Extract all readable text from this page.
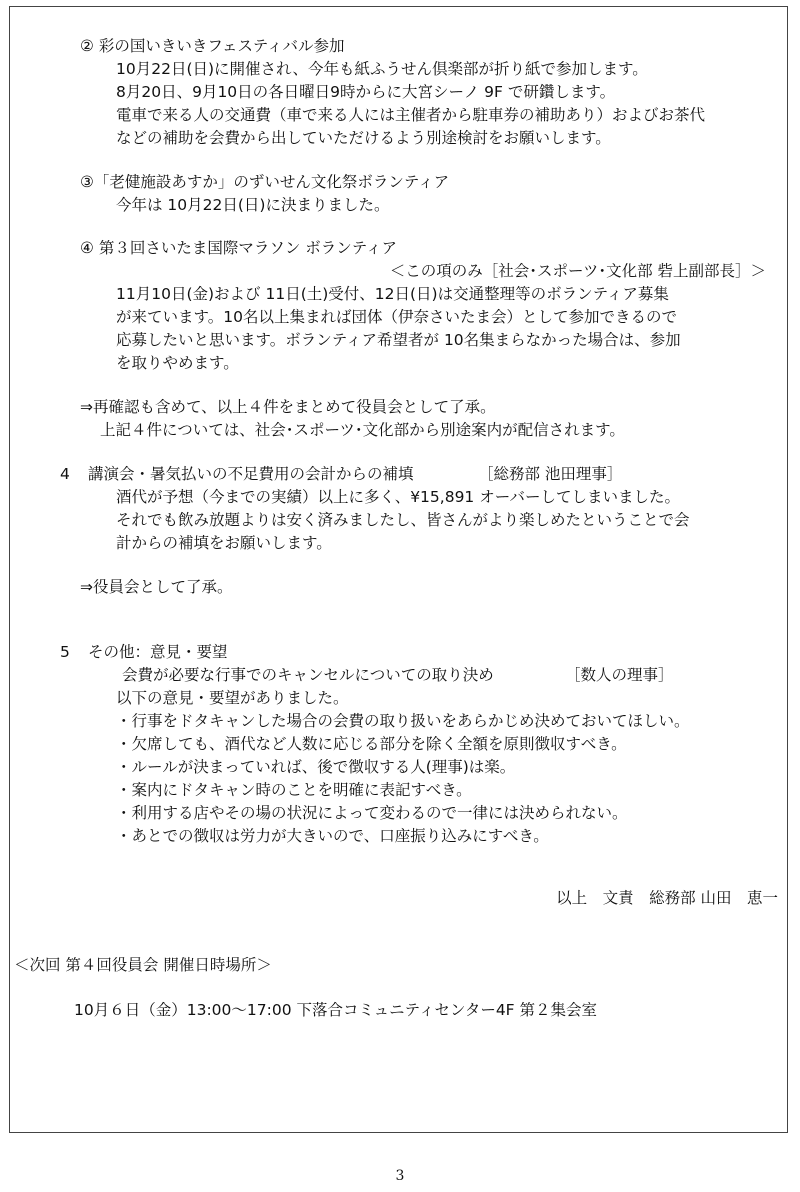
② 彩の国いきいきフェスティバル参加
10月22日(日)に開催され、今年も紙ふうせん倶楽部が折り紙で参加します。
8月20日、9月10日の各日曜日9時からに大宮シーノ 9F で研鑽します。
電車で来る人の交通費（車で来る人には主催者から駐車券の補助あり）およびお茶代
などの補助を会費から出していただけるよう別途検討をお願いします。
③「老健施設あすか」のずいせん文化祭ボランティア
今年は 10月22日(日)に決まりました。
④ 第３回さいたま国際マラソン ボランティア
＜この項のみ［社会･スポーツ･文化部 砦上副部長］＞
11月10日(金)および 11日(土)受付、12日(日)は交通整理等のボランティア募集
が来ています。10名以上集まれば団体（伊奈さいたま会）として参加できるので
応募したいと思います。ボランティア希望者が 10名集まらなかった場合は、参加
を取りやめます。
⇒再確認も含めて、以上４件をまとめて役員会として了承。
上記４件については、社会･スポーツ･文化部から別途案内が配信されます。
4 講演会・暑気払いの不足費用の会計からの補填	［総務部 池田理事］
酒代が予想（今までの実績）以上に多く、¥15,891 オーバーしてしまいました。
それでも飲み放題よりは安く済みましたし、皆さんがより楽しめたということで会
計からの補填をお願いします。
⇒役員会として了承。
5 その他：意見・要望
会費が必要な行事でのキャンセルについての取り決め	［数人の理事］
以下の意見・要望がありました。
・行事をドタキャンした場合の会費の取り扱いをあらかじめ決めておいてほしい。
・欠席しても、酒代など人数に応じる部分を除く全額を原則徴収すべき。
・ルールが決まっていれば、後で徴収する人(理事)は楽。
・案内にドタキャン時のことを明確に表記すべき。
・利用する店やその場の状況によって変わるので一律には決められない。
・あとでの徴収は労力が大きいので、口座振り込みにすべき。
以上　文責　総務部 山田　恵一
＜次回 第４回役員会 開催日時場所＞
10月６日（金）13:00～17:00 下落合コミュニティセンター4F 第２集会室
3
